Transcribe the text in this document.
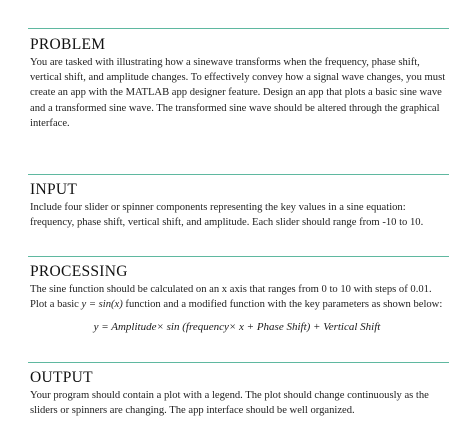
PROBLEM

You are tasked with illustrating how a sinewave transforms when the frequency, phase shift, vertical shift, and amplitude changes. To effectively convey how a signal wave changes, you must create an app with the MATLAB app designer feature. Design an app that plots a basic sine wave and a transformed sine wave. The transformed sine wave should be altered through the graphical interface.

INPUT

Include four slider or spinner components representing the key values in a sine equation: frequency, phase shift, vertical shift, and amplitude. Each slider should range from -10 to 10.

PROCESSING

The sine function should be calculated on an x axis that ranges from 0 to 10 with steps of 0.01. Plot a basic y = sin(x) function and a modified function with the key parameters as shown below:

y = Amplitude× sin (frequency× x + Phase Shift) + Vertical Shift
OUTPUT

Your program should contain a plot with a legend. The plot should change continuously as the sliders or spinners are changing. The app interface should be well organized.
